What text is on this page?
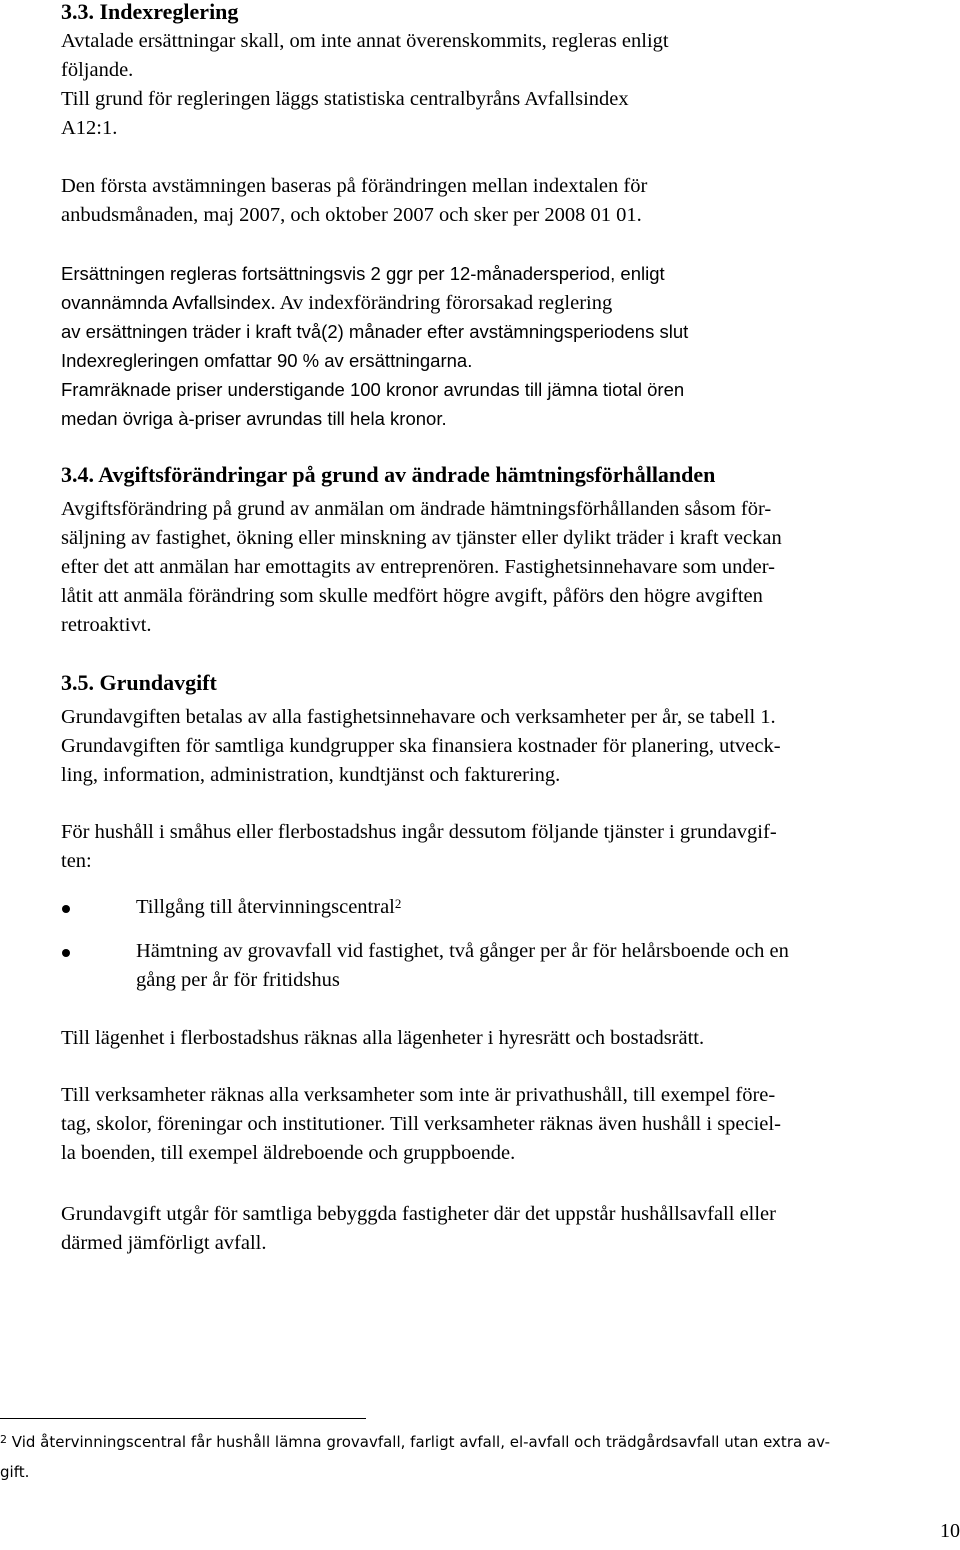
3.3. Indexreglering
Avtalade ersättningar skall, om inte annat överenskommits, regleras enligt
följande.
Till grund för regleringen läggs statistiska centralbyråns Avfallsindex
A12:1.
Den första avstämningen baseras på förändringen mellan indextalen för
anbudsmånaden, maj 2007, och oktober 2007 och sker per 2008 01 01.
Ersättningen regleras fortsättningsvis 2 ggr per 12-månadersperiod, enligt
ovannämnda Avfallsindex. Av indexförändring förorsakad reglering
av ersättningen träder i kraft två(2) månader efter avstämningsperiodens slut
Indexregleringen omfattar 90 % av ersättningarna.
Framräknade priser understigande 100 kronor avrundas till jämna tiotal ören
medan övriga à-priser avrundas till hela kronor.
3.4. Avgiftsförändringar på grund av ändrade hämtningsförhållanden
Avgiftsförändring på grund av anmälan om ändrade hämtningsförhållanden såsom för-
säljning av fastighet, ökning eller minskning av tjänster eller dylikt träder i kraft veckan
efter det att anmälan har emottagits av entreprenören. Fastighetsinnehavare som under-
låtit att anmäla förändring som skulle medfört högre avgift, påförs den högre avgiften
retroaktivt.
3.5. Grundavgift
Grundavgiften betalas av alla fastighetsinnehavare och verksamheter per år, se tabell 1.
Grundavgiften för samtliga kundgrupper ska finansiera kostnader för planering, utveck-
ling, information, administration, kundtjänst och fakturering.
För hushåll i småhus eller flerbostadshus ingår dessutom följande tjänster i grundavgif-
ten:
Tillgång till återvinningscentral$^2$
Hämtning av grovavfall vid fastighet, två gånger per år för helårsboende och en
gång per år för fritidshus
Till lägenhet i flerbostadshus räknas alla lägenheter i hyresrätt och bostadsrätt.
Till verksamheter räknas alla verksamheter som inte är privathushåll, till exempel före-
tag, skolor, föreningar och institutioner. Till verksamheter räknas även hushåll i speciel-
la boenden, till exempel äldreboende och gruppboende.
Grundavgift utgår för samtliga bebyggda fastigheter där det uppstår hushållsavfall eller
därmed jämförligt avfall.
$^2$ Vid återvinningscentral får hushåll lämna grovavfall, farligt avfall, el-avfall och trädgårdsavfall utan extra av-
gift.
10
